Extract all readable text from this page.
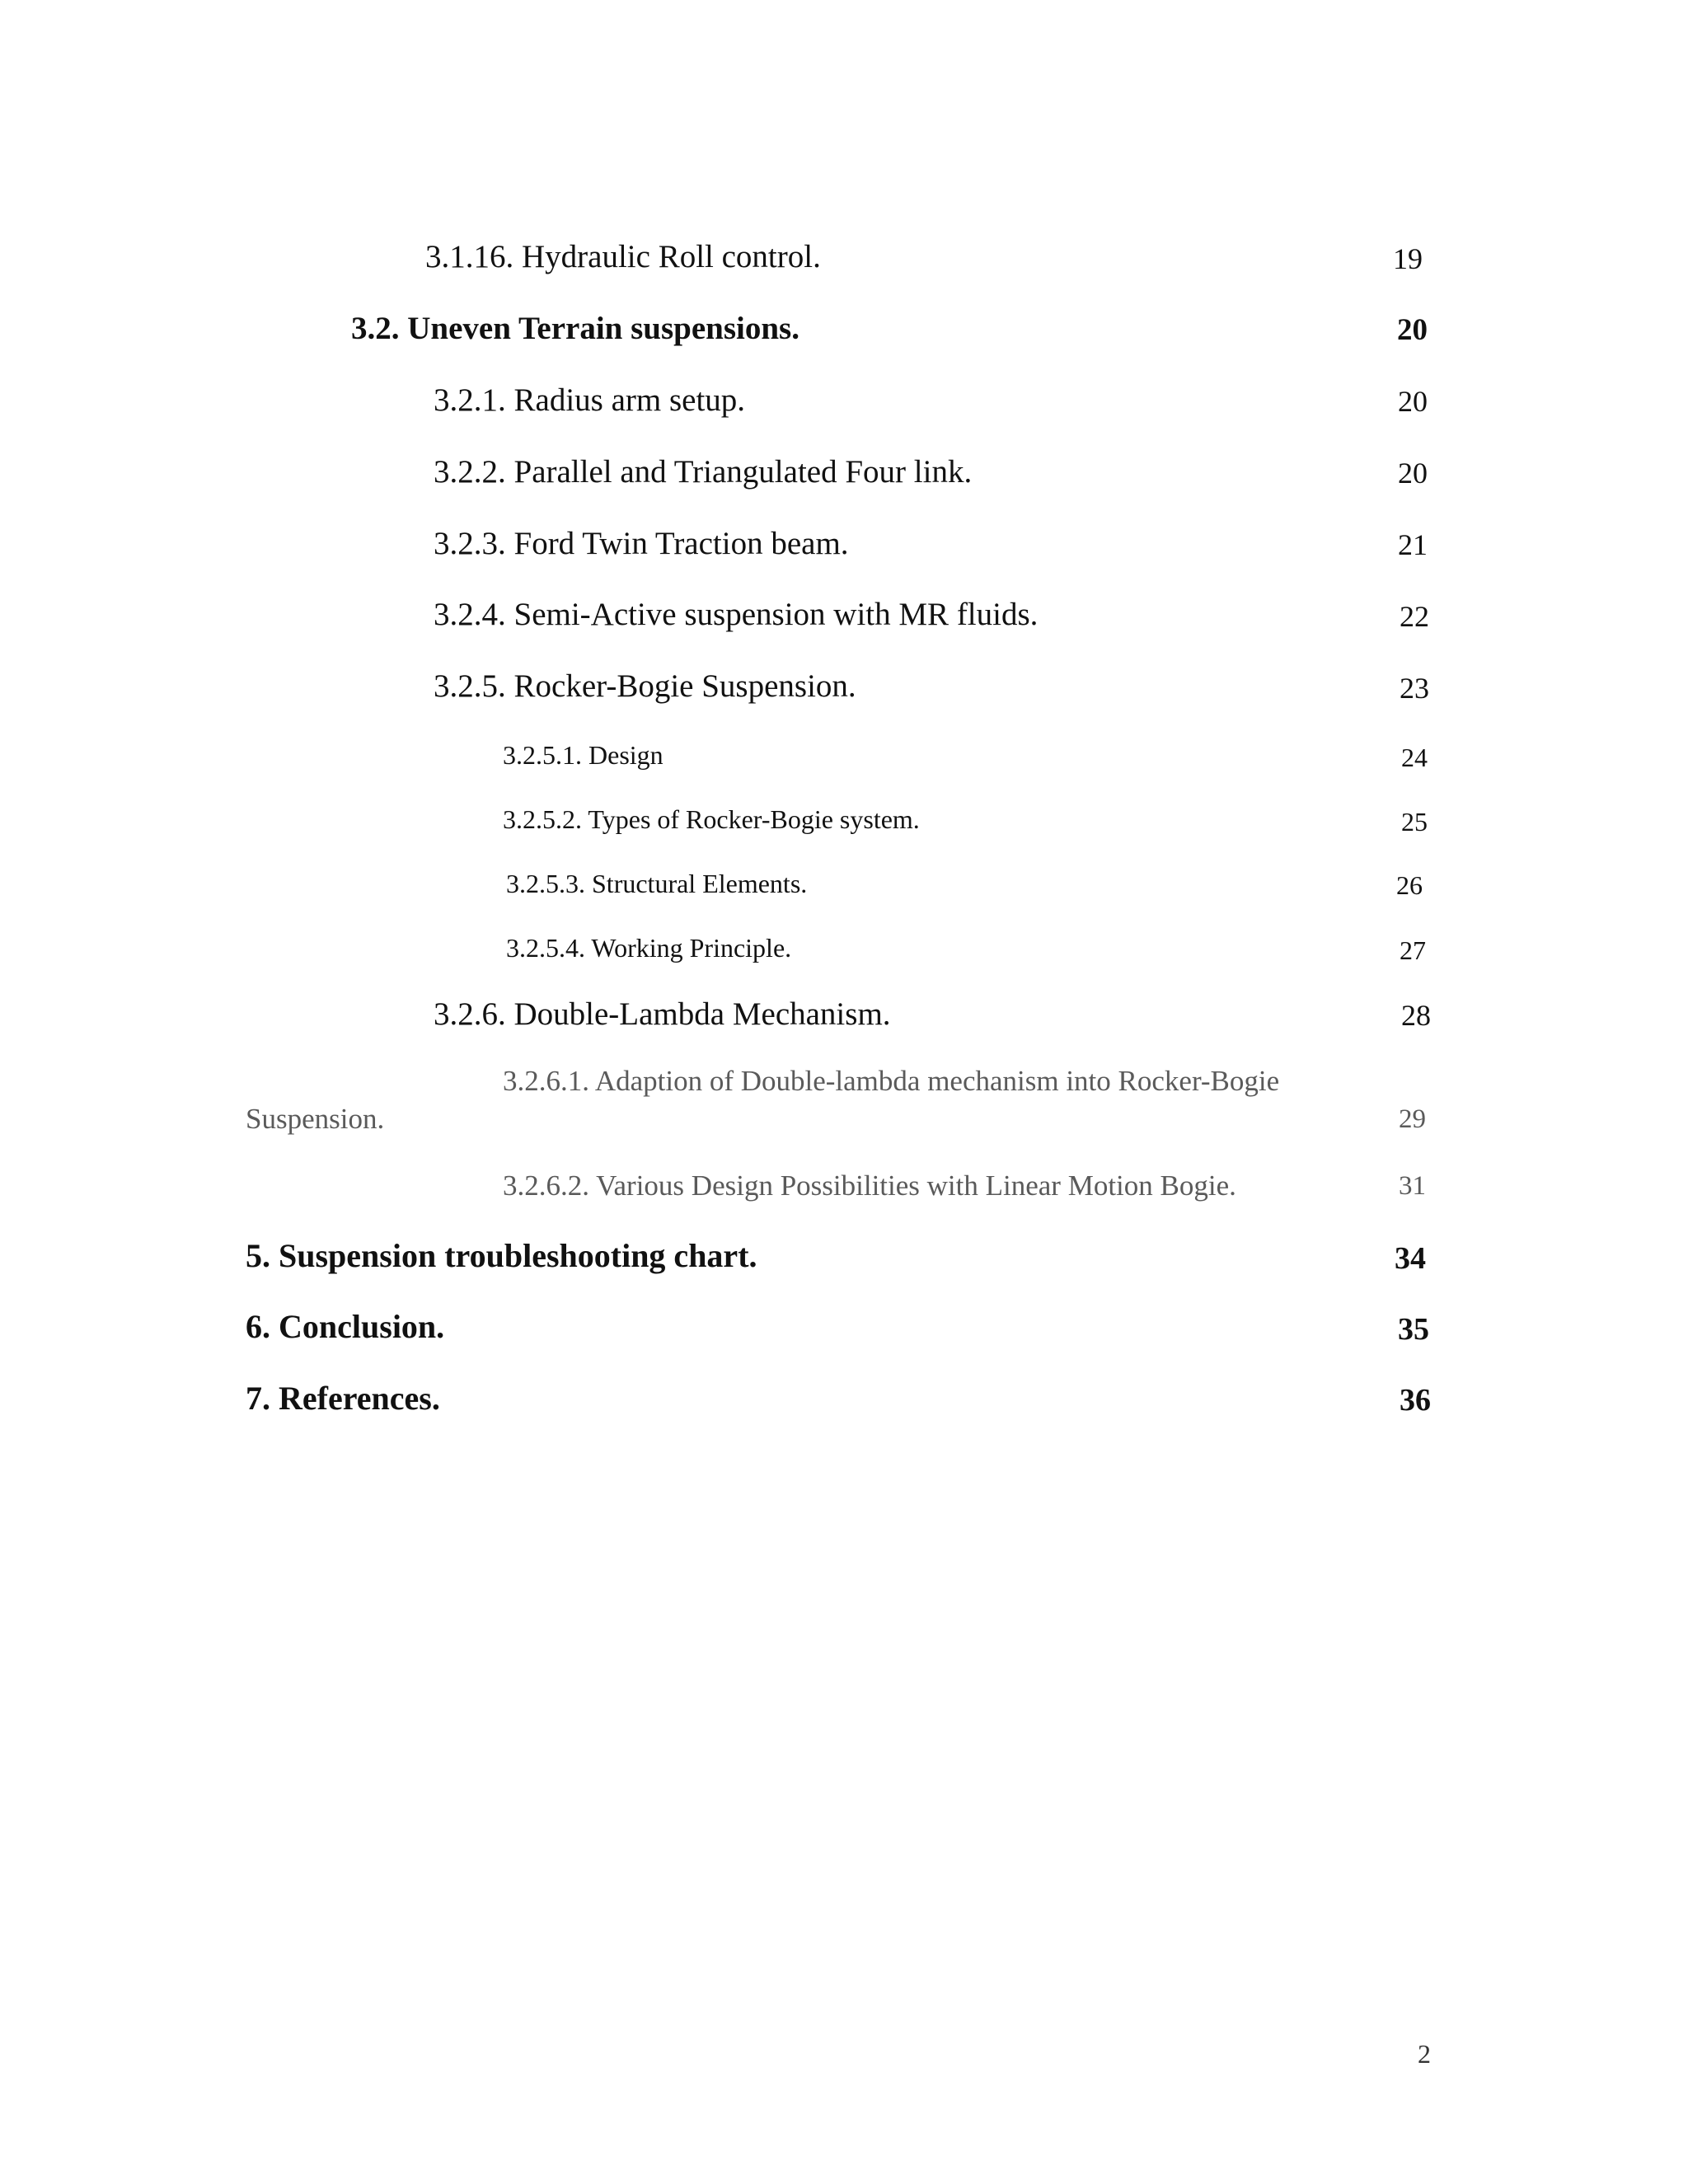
3.1.16. Hydraulic Roll control.	19
3.2. Uneven Terrain suspensions.	20
3.2.1. Radius arm setup.	20
3.2.2. Parallel and Triangulated Four link.	20
3.2.3. Ford Twin Traction beam.	21
3.2.4. Semi-Active suspension with MR fluids.	22
3.2.5. Rocker-Bogie Suspension.	23
3.2.5.1. Design	24
3.2.5.2. Types of Rocker-Bogie system.	25
3.2.5.3. Structural Elements.	26
3.2.5.4. Working Principle.	27
3.2.6. Double-Lambda Mechanism.	28
3.2.6.1. Adaption of Double-lambda mechanism into Rocker-Bogie
Suspension.	29
3.2.6.2. Various Design Possibilities with Linear Motion Bogie.	31
5. Suspension troubleshooting chart.	34
6. Conclusion.	35
7. References.	36
2
